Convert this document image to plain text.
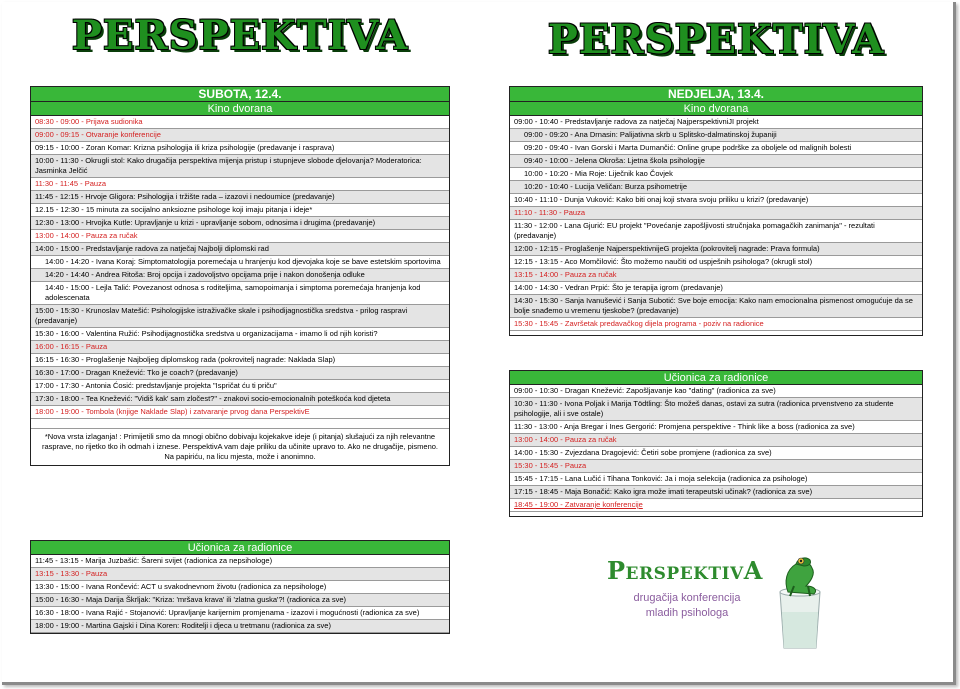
PERSPEKTIVA
SUBOTA, 12.4.
Kino dvorana
08:30 - 09:00 - Prijava sudionika
09:00 - 09:15 - Otvaranje konferencije
09:15 - 10:00 - Zoran Komar: Krizna psihologija ili kriza psihologije (predavanje i rasprava)
10:00 - 11:30 - Okrugli stol: Kako drugačija perspektiva mijenja pristup i stupnjeve slobode djelovanja? Moderatorica: Jasminka Jelčić
11:30 - 11:45 - Pauza
11:45 - 12:15 - Hrvoje Gligora: Psihologija i tržište rada – izazovi i nedoumice (predavanje)
12.15 - 12:30 - 15 minuta za socijalno anksiozne psihologe koji imaju pitanja i ideje*
12:30 - 13:00 - Hrvojka Kutle: Upravljanje u krizi - upravljanje sobom, odnosima i drugima (predavanje)
13:00 - 14:00 - Pauza za ručak
14:00 - 15:00 - Predstavljanje radova za natječaj Najbolji diplomski rad
14:00 - 14:20 - Ivana Koraj: Simptomatologija poremećaja u hranjenju kod djevojaka koje se bave estetskim sportovima
14:20 - 14:40 - Andrea Ritoša: Broj opcija i zadovoljstvo opcijama prije i nakon donošenja odluke
14:40 - 15:00 - Lejla Talić: Povezanost odnosa s roditeljima, samopoimanja i simptoma poremećaja hranjenja kod adolescenata
15:00 - 15:30 - Krunoslav Matešić: Psihologijske istraživačke skale i psihodijagnostička sredstva - prilog raspravi (predavanje)
15:30 - 16:00 - Valentina Ružić: Psihodijagnostička sredstva u organizacijama - imamo li od njih koristi?
16:00 - 16:15 - Pauza
16:15 - 16:30 - Proglašenje Najboljeg diplomskog rada (pokrovitelj nagrade: Naklada Slap)
16:30 - 17:00 - Dragan Knežević: Tko je coach? (predavanje)
17:00 - 17:30 - Antonia Ćosić: predstavljanje projekta "Ispričat ću ti priču"
17:30 - 18:00 - Tea Knežević: "Vidiš kak' sam zločest?" - znakovi socio-emocionalnih poteškoća kod djeteta
18:00 - 19:00 - Tombola (knjige Naklade Slap) i zatvaranje prvog dana PerspektivE
*Nova vrsta izlaganja! : Primijetili smo da mnogi obično dobivaju kojekakve ideje (i pitanja) slušajući za njih relevantne rasprave, no rijetko tko ih odmah i iznese. PerspektivA vam daje priliku da učinite upravo to. Ako ne drugačije, pismeno. Na papiriću, na licu mjesta, može i anonimno.
Učionica za radionice
11:45 - 13:15 - Marija Juzbašić: Šareni svijet (radionica za nepsihologe)
13:15 - 13:30 - Pauza
13:30 - 15:00 - Ivana Rončević: ACT u svakodnevnom životu (radionica za nepsihologe)
15:00 - 16:30 - Maja Darija Škrljak: "Kriza: 'mršava krava' ili 'zlatna guska'?! (radionica za sve)
16:30 - 18:00 - Ivana Rajić - Stojanović: Upravljanje karijernim promjenama - izazovi i mogućnosti (radionica za sve)
18:00 - 19:00 - Martina Gajski i Dina Koren: Roditelji i djeca u tretmanu (radionica za sve)
PERSPEKTIVA
NEDJELJA, 13.4.
Kino dvorana
09:00 - 10:40 - Predstavljanje radova za natječaj NajperspektivniJI projekt
09:00 - 09:20 - Ana Drnasin: Palijativna skrb u Splitsko-dalmatinskoj županiji
09:20 - 09:40 - Ivan Gorski i Marta Dumančić: Online grupe podrške za oboljele od malignih bolesti
09:40 - 10:00 - Jelena Okroša: Ljetna škola psihologije
10:00 - 10:20 - Mia Roje: Liječnik kao Čovjek
10:20 - 10:40 - Lucija Veličan: Burza psihometrije
10:40 - 11:10 - Dunja Vuković: Kako biti onaj koji stvara svoju priliku u krizi? (predavanje)
11:10 - 11:30 - Pauza
11:30 - 12:00 - Lana Gjurić: EU projekt "Povećanje zapošljivosti stručnjaka pomagačkih zanimanja" - rezultati (predavanje)
12:00 - 12:15 - Proglašenje NajperspektivnijeG projekta (pokrovitelj nagrade: Prava formula)
12:15 - 13:15 - Aco Momčilović: Što možemo naučiti od uspješnih psihologa? (okrugli stol)
13:15 - 14:00 - Pauza za ručak
14:00 - 14:30 - Vedran Prpić: Što je terapija igrom (predavanje)
14:30 - 15:30 - Sanja Ivanušević i Sanja Subotić: Sve boje emocija: Kako nam emocionalna pismenost omogućuje da se bolje snađemo u vremenu tjeskobe? (predavanje)
15:30 - 15:45 - Završetak predavačkog dijela programa - poziv na radionice
Učionica za radionice
09:00 - 10:30 - Dragan Knežević: Zapošljavanje kao "dating" (radionica za sve)
10:30 - 11:30 - Ivona Poljak i Marija Tödtling: Što možeš danas, ostavi za sutra (radionica prvenstveno za studente psihologije, ali i sve ostale)
11:30 - 13:00 - Anja Bregar i Ines Gergorić: Promjena perspektive - Think like a boss (radionica za sve)
13:00 - 14:00 - Pauza za ručak
14:00 - 15:30 - Zvjezdana Dragojević: Četiri sobe promjene (radionica za sve)
15:30 - 15:45 - Pauza
15:45 - 17:15 - Lana Lučić i Tihana Tonković: Ja i moja selekcija (radionica za psihologe)
17:15 - 18:45 - Maja Bonačić: Kako igra može imati terapeutski učinak? (radionica za sve)
18:45 - 19:00 - Zatvaranje konferencije
PerspektivA
drugačija konferencija
mladih psihologa
